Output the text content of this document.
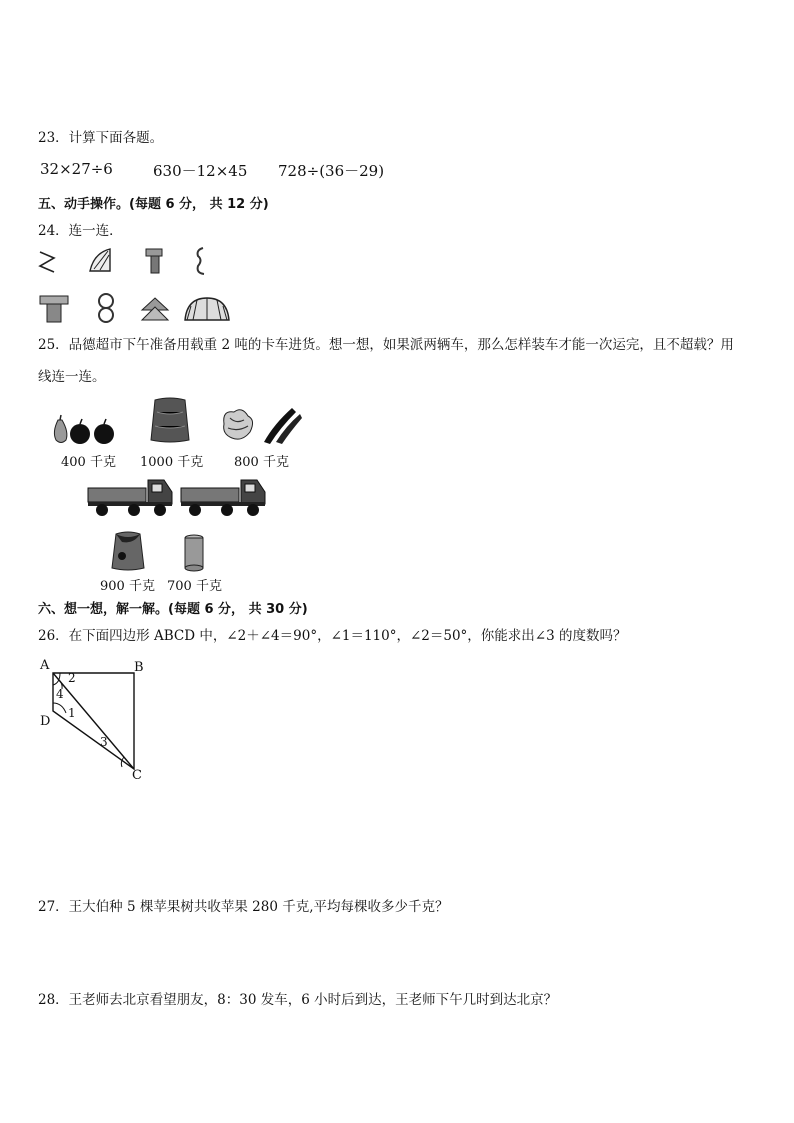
23．计算下面各题。
32×27÷6	630－12×45 728÷(36－29)
五、动手操作。(每题 6 分， 共 12 分)
24．连一连．
25．品德超市下午准备用载重 2 吨的卡车进货。想一想，如果派两辆车，那么怎样装车才能一次运完，且不超载？用
线连一连。
400 千克 1000 千克 800 千克
900 千克 700 千克
六、想一想，解一解。(每题 6 分， 共 30 分)
26．在下面四边形 ABCD 中，∠2＋∠4＝90°，∠1＝110°，∠2＝50°，你能求出∠3 的度数吗？
A	B
C
D
1
2
3
4
27．王大伯种 5 棵苹果树共收苹果 280 千克,平均每棵收多少千克？
28．王老师去北京看望朋友，8：30 发车，6 小时后到达，王老师下午几时到达北京？
